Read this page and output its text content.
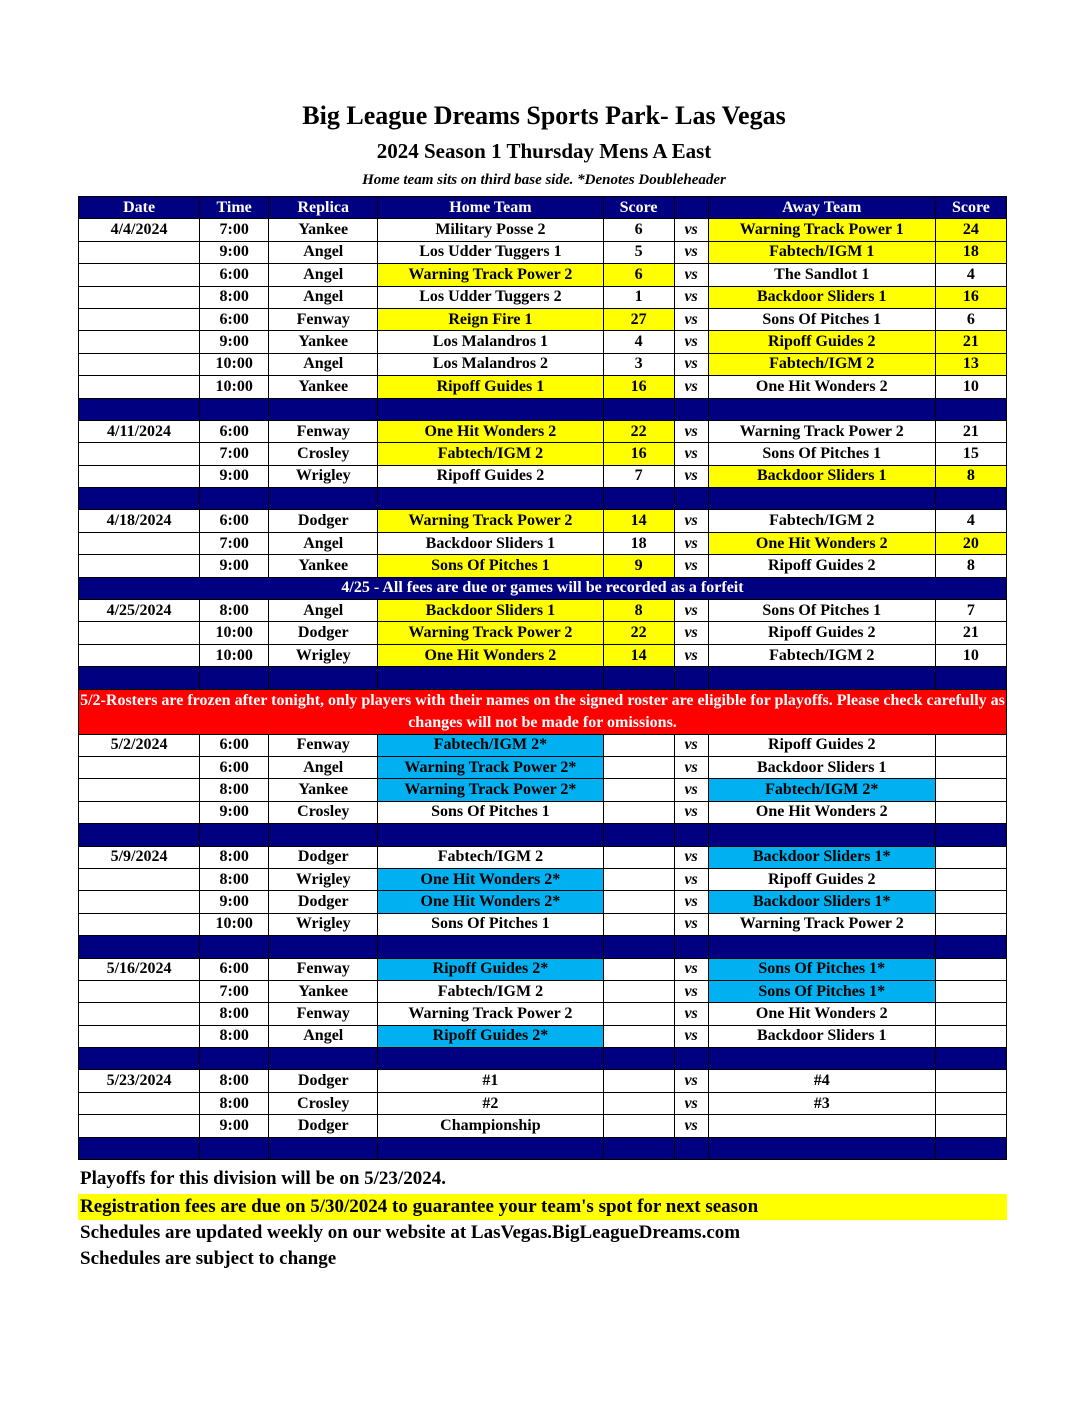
Big League Dreams Sports Park- Las Vegas
2024 Season 1 Thursday Mens A East
Home team sits on third base side. *Denotes Doubleheader
Date	Time	Replica	Home Team	Score		Away Team	Score
4/4/2024	7:00	Yankee	Military Posse 2	6	vs	Warning Track Power 1	24
	9:00	Angel	Los Udder Tuggers 1	5	vs	Fabtech/IGM 1	18
	6:00	Angel	Warning Track Power 2	6	vs	The Sandlot 1	4
	8:00	Angel	Los Udder Tuggers 2	1	vs	Backdoor Sliders 1	16
	6:00	Fenway	Reign Fire 1	27	vs	Sons Of Pitches 1	6
	9:00	Yankee	Los Malandros 1	4	vs	Ripoff Guides 2	21
	10:00	Angel	Los Malandros 2	3	vs	Fabtech/IGM 2	13
	10:00	Yankee	Ripoff Guides 1	16	vs	One Hit Wonders 2	10

4/11/2024	6:00	Fenway	One Hit Wonders 2	22	vs	Warning Track Power 2	21
	7:00	Crosley	Fabtech/IGM 2	16	vs	Sons Of Pitches 1	15
	9:00	Wrigley	Ripoff Guides 2	7	vs	Backdoor Sliders 1	8

4/18/2024	6:00	Dodger	Warning Track Power 2	14	vs	Fabtech/IGM 2	4
	7:00	Angel	Backdoor Sliders 1	18	vs	One Hit Wonders 2	20
	9:00	Yankee	Sons Of Pitches 1	9	vs	Ripoff Guides 2	8
4/25 - All fees are due or games will be recorded as a forfeit							
4/25/2024	8:00	Angel	Backdoor Sliders 1	8	vs	Sons Of Pitches 1	7
	10:00	Dodger	Warning Track Power 2	22	vs	Ripoff Guides 2	21
	10:00	Wrigley	One Hit Wonders 2	14	vs	Fabtech/IGM 2	10

5/2-Rosters are frozen after tonight, only players with their names on the signed roster are eligible for playoffs. Please check carefully as changes will not be made for omissions.							
5/2/2024	6:00	Fenway	Fabtech/IGM 2*		vs	Ripoff Guides 2	
	6:00	Angel	Warning Track Power 2*		vs	Backdoor Sliders 1	
	8:00	Yankee	Warning Track Power 2*		vs	Fabtech/IGM 2*	
	9:00	Crosley	Sons Of Pitches 1		vs	One Hit Wonders 2	

5/9/2024	8:00	Dodger	Fabtech/IGM 2		vs	Backdoor Sliders 1*	
	8:00	Wrigley	One Hit Wonders 2*		vs	Ripoff Guides 2	
	9:00	Dodger	One Hit Wonders 2*		vs	Backdoor Sliders 1*	
	10:00	Wrigley	Sons Of Pitches 1		vs	Warning Track Power 2	

5/16/2024	6:00	Fenway	Ripoff Guides 2*		vs	Sons Of Pitches 1*	
	7:00	Yankee	Fabtech/IGM 2		vs	Sons Of Pitches 1*	
	8:00	Fenway	Warning Track Power 2		vs	One Hit Wonders 2	
	8:00	Angel	Ripoff Guides 2*		vs	Backdoor Sliders 1	

5/23/2024	8:00	Dodger	#1		vs	#4	
	8:00	Crosley	#2		vs	#3	
	9:00	Dodger	Championship		vs		

Playoffs for this division will be on 5/23/2024.
Registration fees are due on 5/30/2024 to guarantee your team's spot for next season
Schedules are updated weekly on our website at LasVegas.BigLeagueDreams.com
Schedules are subject to change
